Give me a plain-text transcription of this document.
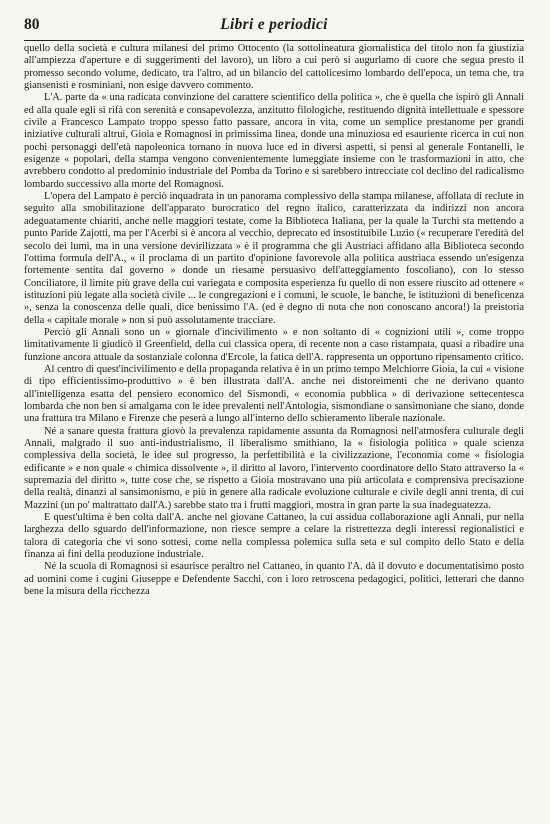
80	Libri e periodici

quello della società e cultura milanesi del primo Ottocento (la sottolineatura giornalistica del titolo non fa giustizia all'ampiezza d'aperture e di suggerimenti del lavoro), un libro a cui però si augurlamo di cuore che segua presto il promesso secondo volume, dedicato, tra l'altro, ad un bilancio del cattolicesimo lombardo dell'epoca, un tema che, tra giansenisti e rosminiani, non esige davvero commento.

L'A. parte da « una radicata convinzione del carattere scientifico della politica », che è quella che ispirò gli Annali ed alla quale egli si rifà con serenità e consapevolezza, anzitutto filologiche, restituendo dignità intellettuale e spessore civile a Francesco Lampato troppo spesso fatto passare, ancora in vita, come un semplice prestanome per grandi iniziative culturali altrui, Gioia e Romagnosi in primissima linea, donde una minuziosa ed esauriente ricerca in cui non pochi personaggi dell'età napoleonica tornano in nuova luce ed in diversi aspetti, si pensi al generale Fontanelli, le esigenze « popolari, della stampa vengono convenientemente lumeggiate insieme con le trasformazioni in atto, che avrebbero condotto al predominio industriale del Pomba da Torino e si sarebbero intrecciate col declino del radicalismo lombardo successivo alla morte del Romagnosi.

L'opera del Lampato è perciò inquadrata in un panorama complessivo della stampa milanese, affollata di reclute in seguito alla smobilitazione dell'apparato burocratico del regno italico, caratterizzata da indirizzi non ancora adeguatamente chiariti, anche nelle maggiori testate, come la Biblioteca Italiana, per la quale la Turchi sta mettendo a punto Paride Zajotti, ma per l'Acerbi si è ancora al vecchio, deprecato ed insostituibile Luzio (« recuperare l'eredità del secolo dei lumi, ma in una versione devirilizzata » è il programma che gli Austriaci affidano alla Biblioteca secondo l'ottima formula dell'A., « il proclama di un partito d'opinione favorevole alla politica austriaca essendo un'esigenza fortemente sentita dal governo » donde un riesame persuasivo dell'atteggiamento foscoliano), con lo stesso Conciliatore, il limite più grave della cui variegata e composita esperienza fu quello di non essere riuscito ad ottenere « istituzioni più legate alla società civile ... le congregazioni e i comuni, le scuole, le banche, le istituzioni di beneficenza », senza la conoscenza delle quali, dice benissimo l'A. (ed è degno di nota che non conoscano ancora!) la preistoria della « capitale morale » non si può assolutamente tracciare.

Perciò gli Annali sono un « giornale d'incivilimento » e non soltanto di « cognizioni utili », come troppo limitativamente li giudicò il Greenfield, della cui classica opera, di recente non a caso ristampata, quasi a ribadire una funzione ancora attuale da sostanziale colonna d'Ercole, la fatica dell'A. rappresenta un opportuno ripensamento critico.

Al centro di quest'incivilimento e della propaganda relativa è in un primo tempo Melchiorre Gioia, la cui « visione di tipo efficientissimo-produttivo » è ben illustrata dall'A. anche nei distoreimenti che ne derivano quanto all'intelligenza esatta del pensiero economico del Sismondi, « economia pubblica » di derivazione settecentesca lombarda che non ben si amalgama con le idee prevalenti nell'Antologia, sismondiane o sansimoniane che siano, donde una frattura tra Milano e Firenze che peserà a lungo all'interno dello schieramento liberale nazionale.

Né a sanare questa frattura giovò la prevalenza rapidamente assunta da Romagnosi nell'atmosfera culturale degli Annali, malgrado il suo anti-industrialismo, il liberalismo smithiano, la « fisiologia politica » quale scienza complessiva della società, le idee sul progresso, la perfettibilità e la civilizzazione, l'economia come « fisiologia edificante » e non quale « chimica dissolvente », il diritto al lavoro, l'intervento coordinatore dello Stato attraverso la « supremazia del diritto », tutte cose che, se rispetto a Gioia mostravano una più articolata e comprensiva precisazione della realtà, dinanzi al sansimonismo, e più in genere alla radicale evoluzione culturale e civile degli anni trenta, di cui Mazzini (un po' maltrattato dall'A.) sarebbe stato tra i frutti maggiori, mostra in gran parte la sua inadeguatezza.

E quest'ultima è ben colta dall'A. anche nel giovane Cattaneo, la cui assidua collaborazione agli Annali, pur nella larghezza dello sguardo dell'informazione, non riesce sempre a celare la ristrettezza degli interessi regionalistici e talora di categoria che vi sono sottesi, come nella complessa polemica sulla seta e sul compito dello Stato e della finanza ai fini della produzione industriale.

Né la scuola di Romagnosi si esaurisce peraltro nel Cattaneo, in quanto l'A. dà il dovuto e documentatisimo posto ad uomini come i cugini Giuseppe e Defendente Sacchi, con i loro retroscena pedagogici, politici, letterari che danno bene la misura della ricchezza
